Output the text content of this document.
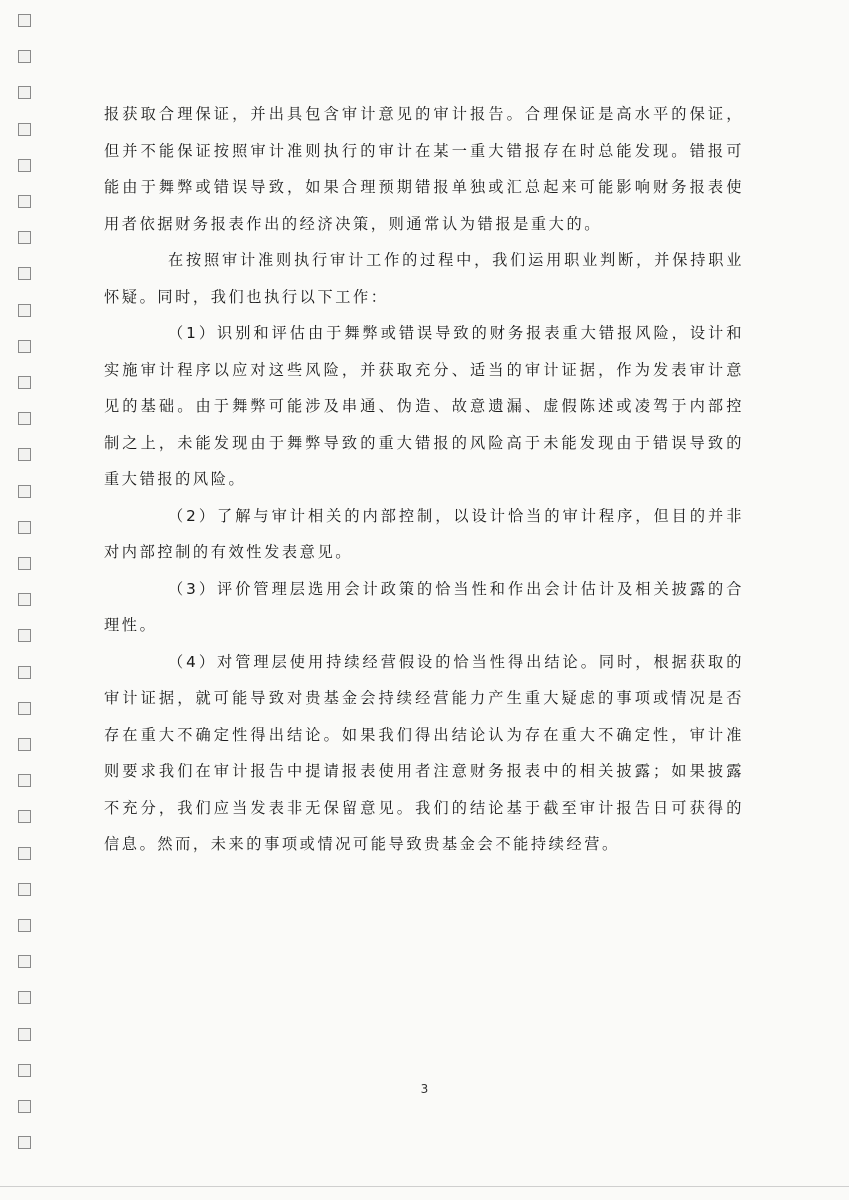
报获取合理保证，并出具包含审计意见的审计报告。合理保证是高水平的保证，但并不能保证按照审计准则执行的审计在某一重大错报存在时总能发现。错报可能由于舞弊或错误导致，如果合理预期错报单独或汇总起来可能影响财务报表使用者依据财务报表作出的经济决策，则通常认为错报是重大的。

在按照审计准则执行审计工作的过程中，我们运用职业判断，并保持职业怀疑。同时，我们也执行以下工作：

（1）识别和评估由于舞弊或错误导致的财务报表重大错报风险，设计和实施审计程序以应对这些风险，并获取充分、适当的审计证据，作为发表审计意见的基础。由于舞弊可能涉及串通、伪造、故意遗漏、虚假陈述或凌驾于内部控制之上，未能发现由于舞弊导致的重大错报的风险高于未能发现由于错误导致的重大错报的风险。

（2）了解与审计相关的内部控制，以设计恰当的审计程序，但目的并非对内部控制的有效性发表意见。

（3）评价管理层选用会计政策的恰当性和作出会计估计及相关披露的合理性。

（4）对管理层使用持续经营假设的恰当性得出结论。同时，根据获取的审计证据，就可能导致对贵基金会持续经营能力产生重大疑虑的事项或情况是否存在重大不确定性得出结论。如果我们得出结论认为存在重大不确定性，审计准则要求我们在审计报告中提请报表使用者注意财务报表中的相关披露；如果披露不充分，我们应当发表非无保留意见。我们的结论基于截至审计报告日可获得的信息。然而，未来的事项或情况可能导致贵基金会不能持续经营。

3
